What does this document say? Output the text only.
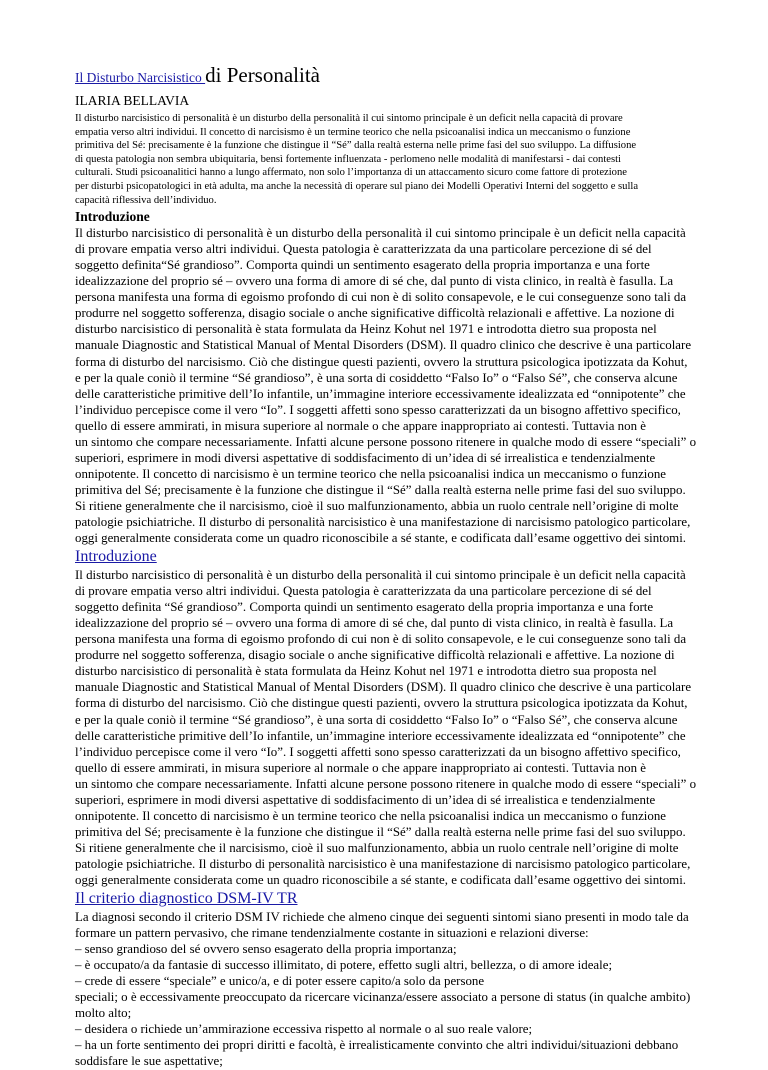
Il Disturbo Narcisistico di Personalità
ILARIA BELLAVIA
Il disturbo narcisistico di personalità è un disturbo della personalità il cui sintomo principale è un deficit nella capacità di provare
empatia verso altri individui. Il concetto di narcisismo è un termine teorico che nella psicoanalisi indica un meccanismo o funzione
primitiva del Sé: precisamente è la funzione che distingue il “Sé” dalla realtà esterna nelle prime fasi del suo sviluppo. La diffusione
di questa patologia non sembra ubiquitaria, bensì fortemente influenzata - perlomeno nelle modalità di manifestarsi - dai contesti
culturali. Studi psicoanalitici hanno a lungo affermato, non solo l’importanza di un attaccamento sicuro come fattore di protezione
per disturbi psicopatologici in età adulta, ma anche la necessità di operare sul piano dei Modelli Operativi Interni del soggetto e sulla
capacità riflessiva dell’individuo.
Introduzione
Il disturbo narcisistico di personalità è un disturbo della personalità il cui sintomo principale è un deficit nella capacità
di provare empatia verso altri individui. Questa patologia è caratterizzata da una particolare percezione di sé del
soggetto definita“Sé grandioso”. Comporta quindi un sentimento esagerato della propria importanza e una forte
idealizzazione del proprio sé – ovvero una forma di amore di sé che, dal punto di vista clinico, in realtà è fasulla. La
persona manifesta una forma di egoismo profondo di cui non è di solito consapevole, e le cui conseguenze sono tali da
produrre nel soggetto sofferenza, disagio sociale o anche significative difficoltà relazionali e affettive. La nozione di
disturbo narcisistico di personalità è stata formulata da Heinz Kohut nel 1971 e introdotta dietro sua proposta nel
manuale Diagnostic and Statistical Manual of Mental Disorders (DSM). Il quadro clinico che descrive è una particolare
forma di disturbo del narcisismo. Ciò che distingue questi pazienti, ovvero la struttura psicologica ipotizzata da Kohut,
e per la quale coniò il termine “Sé grandioso”, è una sorta di cosiddetto “Falso Io” o “Falso Sé”, che conserva alcune
delle caratteristiche primitive dell’Io infantile, un’immagine interiore eccessivamente idealizzata ed “onnipotente” che
l’individuo percepisce come il vero “Io”. I soggetti affetti sono spesso caratterizzati da un bisogno affettivo specifico,
quello di essere ammirati, in misura superiore al normale o che appare inappropriato ai contesti. Tuttavia non è
un sintomo che compare necessariamente. Infatti alcune persone possono ritenere in qualche modo di essere “speciali” o
superiori, esprimere in modi diversi aspettative di soddisfacimento di un’idea di sé irrealistica e tendenzialmente
onnipotente. Il concetto di narcisismo è un termine teorico che nella psicoanalisi indica un meccanismo o funzione
primitiva del Sé; precisamente è la funzione che distingue il “Sé” dalla realtà esterna nelle prime fasi del suo sviluppo.
Si ritiene generalmente che il narcisismo, cioè il suo malfunzionamento, abbia un ruolo centrale nell’origine di molte
patologie psichiatriche. Il disturbo di personalità narcisistico è una manifestazione di narcisismo patologico particolare,
oggi generalmente considerata come un quadro riconoscibile a sé stante, e codificata dall’esame oggettivo dei sintomi.
Introduzione
Il disturbo narcisistico di personalità è un disturbo della personalità il cui sintomo principale è un deficit nella capacità
di provare empatia verso altri individui. Questa patologia è caratterizzata da una particolare percezione di sé del
soggetto definita “Sé grandioso”. Comporta quindi un sentimento esagerato della propria importanza e una forte
idealizzazione del proprio sé – ovvero una forma di amore di sé che, dal punto di vista clinico, in realtà è fasulla. La
persona manifesta una forma di egoismo profondo di cui non è di solito consapevole, e le cui conseguenze sono tali da
produrre nel soggetto sofferenza, disagio sociale o anche significative difficoltà relazionali e affettive. La nozione di
disturbo narcisistico di personalità è stata formulata da Heinz Kohut nel 1971 e introdotta dietro sua proposta nel
manuale Diagnostic and Statistical Manual of Mental Disorders (DSM). Il quadro clinico che descrive è una particolare
forma di disturbo del narcisismo. Ciò che distingue questi pazienti, ovvero la struttura psicologica ipotizzata da Kohut,
e per la quale coniò il termine “Sé grandioso”, è una sorta di cosiddetto “Falso Io” o “Falso Sé”, che conserva alcune
delle caratteristiche primitive dell’Io infantile, un’immagine interiore eccessivamente idealizzata ed “onnipotente” che
l’individuo percepisce come il vero “Io”. I soggetti affetti sono spesso caratterizzati da un bisogno affettivo specifico,
quello di essere ammirati, in misura superiore al normale o che appare inappropriato ai contesti. Tuttavia non è
un sintomo che compare necessariamente. Infatti alcune persone possono ritenere in qualche modo di essere “speciali” o
superiori, esprimere in modi diversi aspettative di soddisfacimento di un’idea di sé irrealistica e tendenzialmente
onnipotente. Il concetto di narcisismo è un termine teorico che nella psicoanalisi indica un meccanismo o funzione
primitiva del Sé; precisamente è la funzione che distingue il “Sé” dalla realtà esterna nelle prime fasi del suo sviluppo.
Si ritiene generalmente che il narcisismo, cioè il suo malfunzionamento, abbia un ruolo centrale nell’origine di molte
patologie psichiatriche. Il disturbo di personalità narcisistico è una manifestazione di narcisismo patologico particolare,
oggi generalmente considerata come un quadro riconoscibile a sé stante, e codificata dall’esame oggettivo dei sintomi.
Il criterio diagnostico DSM-IV TR
La diagnosi secondo il criterio DSM IV richiede che almeno cinque dei seguenti sintomi siano presenti in modo tale da
formare un pattern pervasivo, che rimane tendenzialmente costante in situazioni e relazioni diverse:
– senso grandioso del sé ovvero senso esagerato della propria importanza;
– è occupato/a da fantasie di successo illimitato, di potere, effetto sugli altri, bellezza, o di amore ideale;
– crede di essere “speciale” e unico/a, e di poter essere capito/a solo da persone
speciali; o è eccessivamente preoccupato da ricercare vicinanza/essere associato a persone di status (in qualche ambito)
molto alto;
– desidera o richiede un’ammirazione eccessiva rispetto al normale o al suo reale valore;
– ha un forte sentimento dei propri diritti e facoltà, è irrealisticamente convinto che altri individui/situazioni debbano
soddisfare le sue aspettative;
